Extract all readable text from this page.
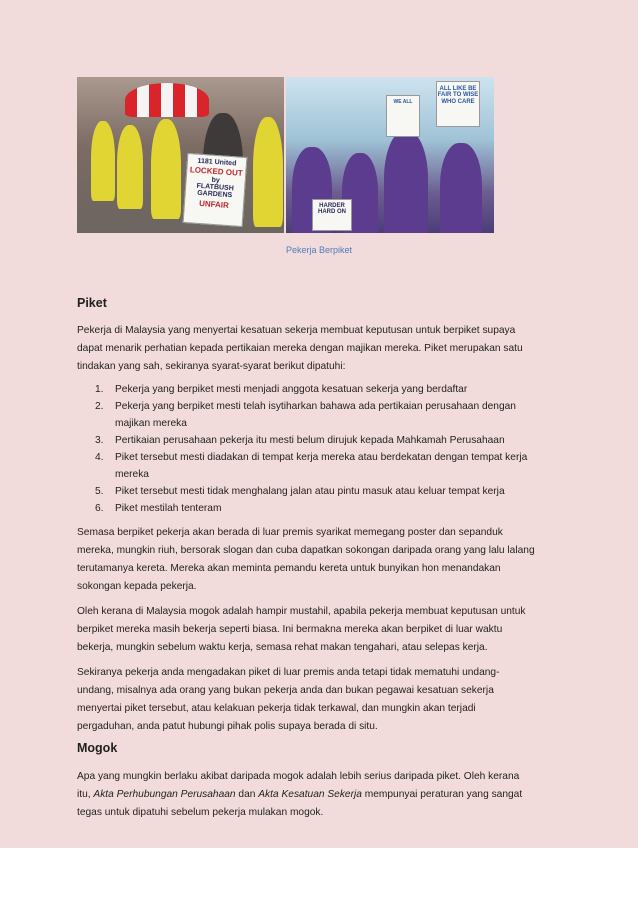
1181 United

LOCKED OUT
by
FLATBUSH GARDENS

UNFAIR
ALL LIKE BE FAIR TO WISE WHO CARE
WE ALL
HARDER HARD ON
Pekerja Berpiket
Piket

Pekerja di Malaysia yang menyertai kesatuan sekerja membuat keputusan untuk berpiket supaya
dapat menarik perhatian kepada pertikaian mereka dengan majikan mereka. Piket merupakan satu
tindakan yang sah, sekiranya syarat-syarat berikut dipatuhi:

1. Pekerja yang berpiket mesti menjadi anggota kesatuan sekerja yang berdaftar
2. Pekerja yang berpiket mesti telah isytiharkan bahawa ada pertikaian perusahaan dengan
majikan mereka
3. Pertikaian perusahaan pekerja itu mesti belum dirujuk kepada Mahkamah Perusahaan
4. Piket tersebut mesti diadakan di tempat kerja mereka atau berdekatan dengan tempat kerja
mereka
5. Piket tersebut mesti tidak menghalang jalan atau pintu masuk atau keluar tempat kerja
6. Piket mestilah tenteram

Semasa berpiket pekerja akan berada di luar premis syarikat memegang poster dan sepanduk
mereka, mungkin riuh, bersorak slogan dan cuba dapatkan sokongan daripada orang yang lalu lalang
terutamanya kereta. Mereka akan meminta pemandu kereta untuk bunyikan hon menandakan
sokongan kepada pekerja.

Oleh kerana di Malaysia mogok adalah hampir mustahil, apabila pekerja membuat keputusan untuk
berpiket mereka masih bekerja seperti biasa. Ini bermakna mereka akan berpiket di luar waktu
bekerja, mungkin sebelum waktu kerja, semasa rehat makan tengahari, atau selepas kerja.

Sekiranya pekerja anda mengadakan piket di luar premis anda tetapi tidak mematuhi undang-
undang, misalnya ada orang yang bukan pekerja anda dan bukan pegawai kesatuan sekerja
menyertai piket tersebut, atau kelakuan pekerja tidak terkawal, dan mungkin akan terjadi
pergaduhan, anda patut hubungi pihak polis supaya berada di situ.

Mogok

Apa yang mungkin berlaku akibat daripada mogok adalah lebih serius daripada piket. Oleh kerana
itu, Akta Perhubungan Perusahaan dan Akta Kesatuan Sekerja mempunyai peraturan yang sangat
tegas untuk dipatuhi sebelum pekerja mulakan mogok.
